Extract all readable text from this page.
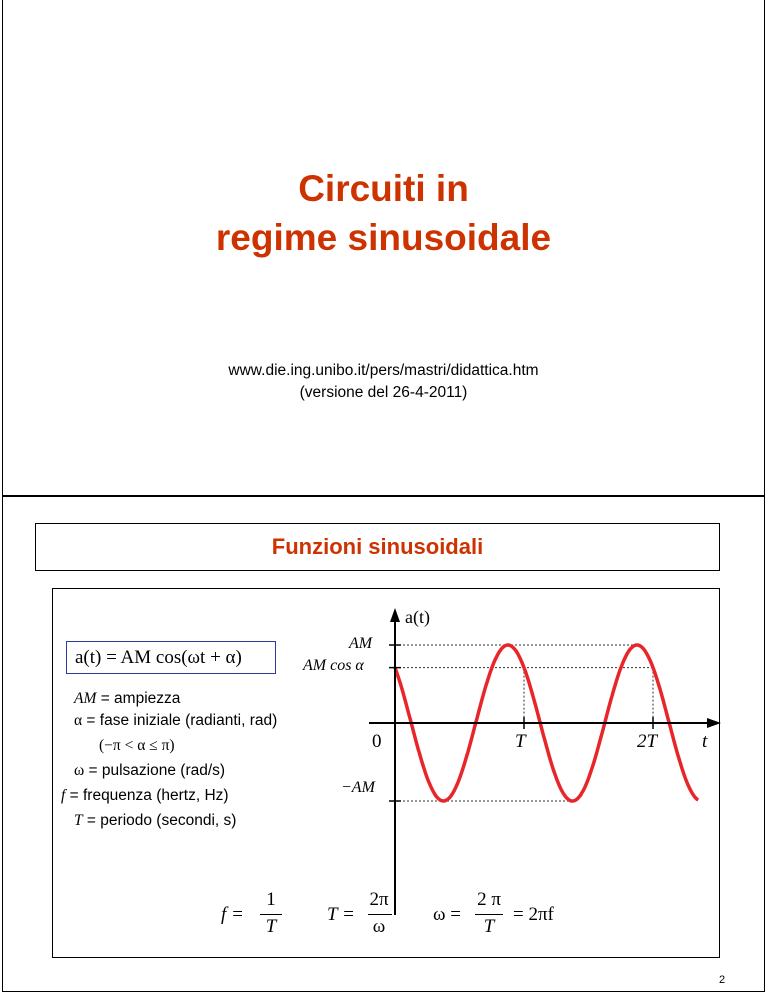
Circuiti in
regime sinusoidale
www.die.ing.unibo.it/pers/mastri/didattica.htm
(versione del 26-4-2011)
Funzioni sinusoidali
a(t)
AM
AM cos α
0	T	2T t
−AM
a(t) = AM cos(ωt + α)
AM = ampiezza
α = fase iniziale (radianti, rad)
(−π < α ≤ π)
ω = pulsazione (rad/s)
f = frequenza (hertz, Hz)
T = periodo (secondi, s)
f =
1
T
T =
2π
ω
ω =
2 π
T
= 2πf
2
